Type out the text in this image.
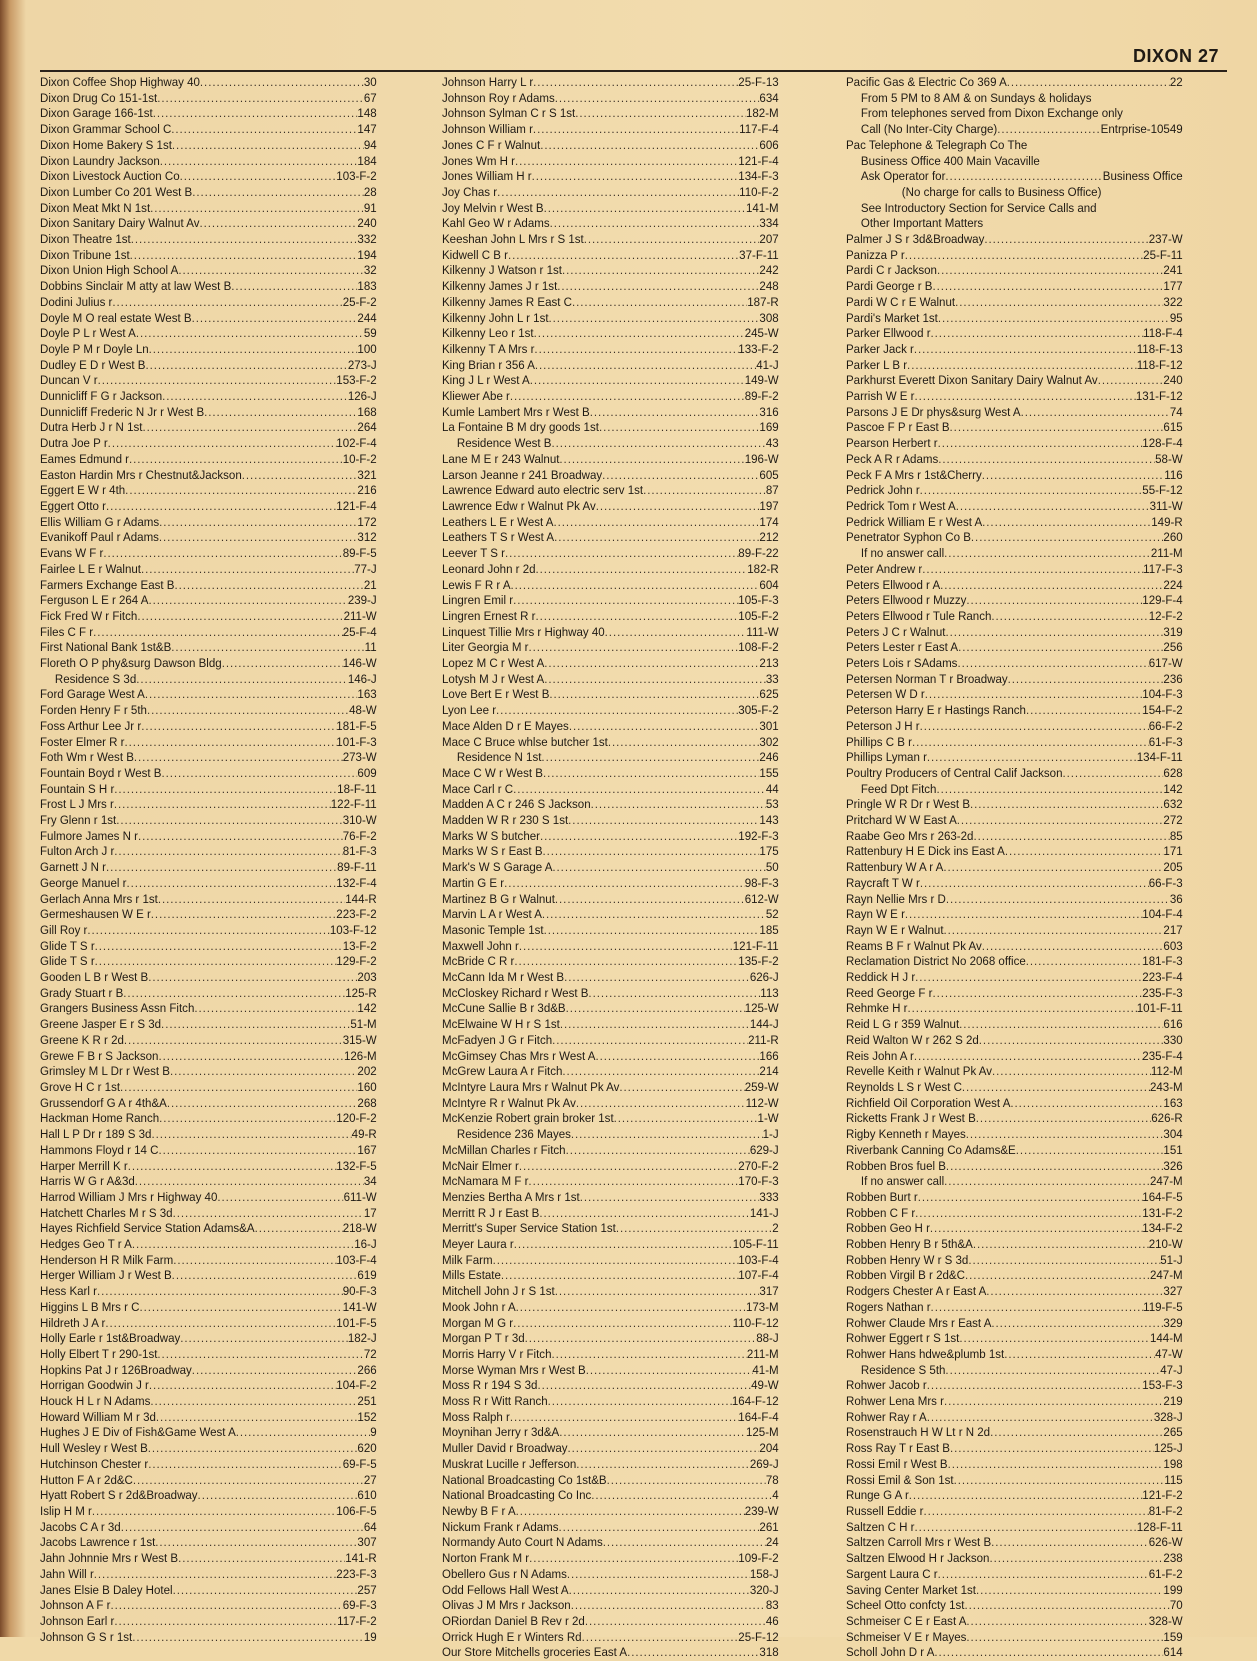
DIXON 27
Dixon Coffee Shop Highway 40 .....	30
Dixon Drug Co 151-1st .....	67
Dixon Garage 166-1st .....	148
Dixon Grammar School C .....	147
Dixon Home Bakery S 1st .....	94
Dixon Laundry Jackson .....	184
Dixon Livestock Auction Co .....	103-F-2
Dixon Lumber Co 201 West B .....	28
Dixon Meat Mkt N 1st .....	91
Dixon Sanitary Dairy Walnut Av .....	240
Dixon Theatre 1st .....	332
Dixon Tribune 1st .....	194
Dixon Union High School A .....	32
Dobbins Sinclair M atty at law West B .....	183
Dodini Julius r .....	25-F-2
Doyle M O real estate West B .....	244
Doyle P L r West A .....	59
Doyle P M r Doyle Ln .....	100
Dudley E D r West B .....	273-J
Duncan V r .....	153-F-2
Dunnicliff F G r Jackson .....	126-J
Dunnicliff Frederic N Jr r West B .....	168
Dutra Herb J r N 1st .....	264
Dutra Joe P r .....	102-F-4
Eames Edmund r .....	10-F-2
Easton Hardin Mrs r Chestnut&Jackson .....	321
Eggert E W r 4th .....	216
Eggert Otto r .....	121-F-4
Ellis William G r Adams .....	172
Evanikoff Paul r Adams .....	312
Evans W F r .....	89-F-5
Fairlee L E r Walnut .....	77-J
Farmers Exchange East B .....	21
Ferguson L E r 264 A .....	239-J
Fick Fred W r Fitch .....	211-W
Files C F r .....	25-F-4
First National Bank 1st&B .....	11
Floreth O P phy&surg Dawson Bldg .....	146-W
Residence S 3d .....	146-J
Ford Garage West A .....	163
Forden Henry F r 5th .....	48-W
Foss Arthur Lee Jr r .....	181-F-5
Foster Elmer R r .....	101-F-3
Foth Wm r West B .....	273-W
Fountain Boyd r West B .....	609
Fountain S H r .....	18-F-11
Frost L J Mrs r .....	122-F-11
Fry Glenn r 1st .....	310-W
Fulmore James N r .....	76-F-2
Fulton Arch J r .....	81-F-3
Garnett J N r .....	89-F-11
George Manuel r .....	132-F-4
Gerlach Anna Mrs r 1st .....	144-R
Germeshausen W E r .....	223-F-2
Gill Roy r .....	103-F-12
Glide T S r .....	13-F-2
Glide T S r .....	129-F-2
Gooden L B r West B .....	203
Grady Stuart r B .....	125-R
Grangers Business Assn Fitch .....	142
Greene Jasper E r S 3d .....	51-M
Greene K R r 2d .....	315-W
Grewe F B r S Jackson .....	126-M
Grimsley M L Dr r West B .....	202
Grove H C r 1st .....	160
Grussendorf G A r 4th&A .....	268
Hackman Home Ranch .....	120-F-2
Hall L P Dr r 189 S 3d .....	49-R
Hammons Floyd r 14 C .....	167
Harper Merrill K r .....	132-F-5
Harris W G r A&3d .....	34
Harrod William J Mrs r Highway 40 .....	611-W
Hatchett Charles M r S 3d .....	17
Hayes Richfield Service Station Adams&A .....	218-W
Hedges Geo T r A .....	16-J
Henderson H R Milk Farm .....	103-F-4
Herger William J r West B .....	619
Hess Karl r .....	90-F-3
Higgins L B Mrs r C .....	141-W
Hildreth J A r .....	101-F-5
Holly Earle r 1st&Broadway .....	182-J
Holly Elbert T r 290-1st .....	72
Hopkins Pat J r 126Broadway .....	266
Horrigan Goodwin J r .....	104-F-2
Houck H L r N Adams .....	251
Howard William M r 3d .....	152
Hughes J E Div of Fish&Game West A .....	9
Hull Wesley r West B .....	620
Hutchinson Chester r .....	69-F-5
Hutton F A r 2d&C .....	27
Hyatt Robert S r 2d&Broadway .....	610
Islip H M r .....	106-F-5
Jacobs C A r 3d .....	64
Jacobs Lawrence r 1st .....	307
Jahn Johnnie Mrs r West B .....	141-R
Jahn Will r .....	223-F-3
Janes Elsie B Daley Hotel .....	257
Johnson A F r .....	69-F-3
Johnson Earl r .....	117-F-2
Johnson G S r 1st .....	19
Johnson Harry L r .....	25-F-13
Johnson Roy r Adams .....	634
Johnson Sylman C r S 1st .....	182-M
Johnson William r .....	117-F-4
Jones C F r Walnut .....	606
Jones Wm H r .....	121-F-4
Jones William H r .....	134-F-3
Joy Chas r .....	110-F-2
Joy Melvin r West B .....	141-M
Kahl Geo W r Adams .....	334
Keeshan John L Mrs r S 1st .....	207
Kidwell C B r .....	37-F-11
Kilkenny J Watson r 1st .....	242
Kilkenny James J r 1st .....	248
Kilkenny James R East C .....	187-R
Kilkenny John L r 1st .....	308
Kilkenny Leo r 1st .....	245-W
Kilkenny T A Mrs r .....	133-F-2
King Brian r 356 A .....	41-J
King J L r West A .....	149-W
Kliewer Abe r .....	89-F-2
Kumle Lambert Mrs r West B .....	316
La Fontaine B M dry goods 1st .....	169
Residence West B .....	43
Lane M E r 243 Walnut .....	196-W
Larson Jeanne r 241 Broadway .....	605
Lawrence Edward auto electric serv 1st .....	87
Lawrence Edw r Walnut Pk Av .....	197
Leathers L E r West A .....	174
Leathers T S r West A .....	212
Leever T S r .....	89-F-22
Leonard John r 2d .....	182-R
Lewis F R r A .....	604
Lingren Emil r .....	105-F-3
Lingren Ernest R r .....	105-F-2
Linquest Tillie Mrs r Highway 40 .....	111-W
Liter Georgia M r .....	108-F-2
Lopez M C r West A .....	213
Lotysh M J r West A .....	33
Love Bert E r West B .....	625
Lyon Lee r .....	305-F-2
Mace Alden D r E Mayes .....	301
Mace C Bruce whlse butcher 1st .....	302
Residence N 1st .....	246
Mace C W r West B .....	155
Mace Carl r C .....	44
Madden A C r 246 S Jackson .....	53
Madden W R r 230 S 1st .....	143
Marks W S butcher .....	192-F-3
Marks W S r East B .....	175
Mark's W S Garage A .....	50
Martin G E r .....	98-F-3
Martinez B G r Walnut .....	612-W
Marvin L A r West A .....	52
Masonic Temple 1st .....	185
Maxwell John r .....	121-F-11
McBride C R r .....	135-F-2
McCann Ida M r West B .....	626-J
McCloskey Richard r West B .....	113
McCune Sallie B r 3d&B .....	125-W
McElwaine W H r S 1st .....	144-J
McFadyen J G r Fitch .....	211-R
McGimsey Chas Mrs r West A .....	166
McGrew Laura A r Fitch .....	214
McIntyre Laura Mrs r Walnut Pk Av .....	259-W
McIntyre R r Walnut Pk Av .....	112-W
McKenzie Robert grain broker 1st .....	1-W
Residence 236 Mayes .....	1-J
McMillan Charles r Fitch .....	629-J
McNair Elmer r .....	270-F-2
McNamara M F r .....	170-F-3
Menzies Bertha A Mrs r 1st .....	333
Merritt R J r East B .....	141-J
Merritt's Super Service Station 1st .....	2
Meyer Laura r .....	105-F-11
Milk Farm .....	103-F-4
Mills Estate .....	107-F-4
Mitchell John J r S 1st .....	317
Mook John r A .....	173-M
Morgan M G r .....	110-F-12
Morgan P T r 3d .....	88-J
Morris Harry V r Fitch .....	211-M
Morse Wyman Mrs r West B .....	41-M
Moss R r 194 S 3d .....	49-W
Moss R r Witt Ranch .....	164-F-12
Moss Ralph r .....	164-F-4
Moynihan Jerry r 3d&A .....	125-M
Muller David r Broadway .....	204
Muskrat Lucille r Jefferson .....	269-J
National Broadcasting Co 1st&B .....	78
National Broadcasting Co Inc .....	4
Newby B F r A .....	239-W
Nickum Frank r Adams .....	261
Normandy Auto Court N Adams .....	24
Norton Frank M r .....	109-F-2
Obellero Gus r N Adams .....	158-J
Odd Fellows Hall West A .....	320-J
Olivas J M Mrs r Jackson .....	83
ORiordan Daniel B Rev r 2d .....	46
Orrick Hugh E r Winters Rd .....	25-F-12
Our Store Mitchells groceries East A .....	318
Pacific Gas & Electric Co 369 A .....	22
From 5 PM to 8 AM & on Sundays & holidays
From telephones served from Dixon Exchange only
Call (No Inter-City Charge) .....	Entrprise-10549
Pac Telephone & Telegraph Co The
Business Office 400 Main Vacaville
Ask Operator for .....	Business Office
(No charge for calls to Business Office)
See Introductory Section for Service Calls and
Other Important Matters
Palmer J S r 3d&Broadway .....	237-W
Panizza P r .....	25-F-11
Pardi C r Jackson .....	241
Pardi George r B .....	177
Pardi W C r E Walnut .....	322
Pardi's Market 1st .....	95
Parker Ellwood r .....	118-F-4
Parker Jack r .....	118-F-13
Parker L B r .....	118-F-12
Parkhurst Everett Dixon Sanitary Dairy Walnut Av .....	240
Parrish W E r .....	131-F-12
Parsons J E Dr phys&surg West A .....	74
Pascoe F P r East B .....	615
Pearson Herbert r .....	128-F-4
Peck A R r Adams .....	58-W
Peck F A Mrs r 1st&Cherry .....	116
Pedrick John r .....	55-F-12
Pedrick Tom r West A .....	311-W
Pedrick William E r West A .....	149-R
Penetrator Syphon Co B .....	260
If no answer call .....	211-M
Peter Andrew r .....	117-F-3
Peters Ellwood r A .....	224
Peters Ellwood r Muzzy .....	129-F-4
Peters Ellwood r Tule Ranch .....	12-F-2
Peters J C r Walnut .....	319
Peters Lester r East A .....	256
Peters Lois r SAdams .....	617-W
Petersen Norman T r Broadway .....	236
Petersen W D r .....	104-F-3
Peterson Harry E r Hastings Ranch .....	154-F-2
Peterson J H r .....	66-F-2
Phillips C B r .....	61-F-3
Phillips Lyman r .....	134-F-11
Poultry Producers of Central Calif Jackson .....	628
Feed Dpt Fitch .....	142
Pringle W R Dr r West B .....	632
Pritchard W W East A .....	272
Raabe Geo Mrs r 263-2d .....	85
Rattenbury H E Dick ins East A .....	171
Rattenbury W A r A .....	205
Raycraft T W r .....	66-F-3
Rayn Nellie Mrs r D .....	36
Rayn W E r .....	104-F-4
Rayn W E r Walnut .....	217
Reams B F r Walnut Pk Av .....	603
Reclamation District No 2068 office .....	181-F-3
Reddick H J r .....	223-F-4
Reed George F r .....	235-F-3
Rehmke H r .....	101-F-11
Reid L G r 359 Walnut .....	616
Reid Walton W r 262 S 2d .....	330
Reis John A r .....	235-F-4
Revelle Keith r Walnut Pk Av .....	112-M
Reynolds L S r West C .....	243-M
Richfield Oil Corporation West A .....	163
Ricketts Frank J r West B .....	626-R
Rigby Kenneth r Mayes .....	304
Riverbank Canning Co Adams&E .....	151
Robben Bros fuel B .....	326
If no answer call .....	247-M
Robben Burt r .....	164-F-5
Robben C F r .....	131-F-2
Robben Geo H r .....	134-F-2
Robben Henry B r 5th&A .....	210-W
Robben Henry W r S 3d .....	51-J
Robben Virgil B r 2d&C .....	247-M
Rodgers Chester A r East A .....	327
Rogers Nathan r .....	119-F-5
Rohwer Claude Mrs r East A .....	329
Rohwer Eggert r S 1st .....	144-M
Rohwer Hans hdwe&plumb 1st .....	47-W
Residence S 5th .....	47-J
Rohwer Jacob r .....	153-F-3
Rohwer Lena Mrs r .....	219
Rohwer Ray r A .....	328-J
Rosenstrauch H W Lt r N 2d .....	265
Ross Ray T r East B .....	125-J
Rossi Emil r West B .....	198
Rossi Emil & Son 1st .....	115
Runge G A r .....	121-F-2
Russell Eddie r .....	81-F-2
Saltzen C H r .....	128-F-11
Saltzen Carroll Mrs r West B .....	626-W
Saltzen Elwood H r Jackson .....	238
Sargent Laura C r .....	61-F-2
Saving Center Market 1st .....	199
Scheel Otto confcty 1st .....	70
Schmeiser C E r East A .....	328-W
Schmeiser V E r Mayes .....	159
Scholl John D r A .....	614
